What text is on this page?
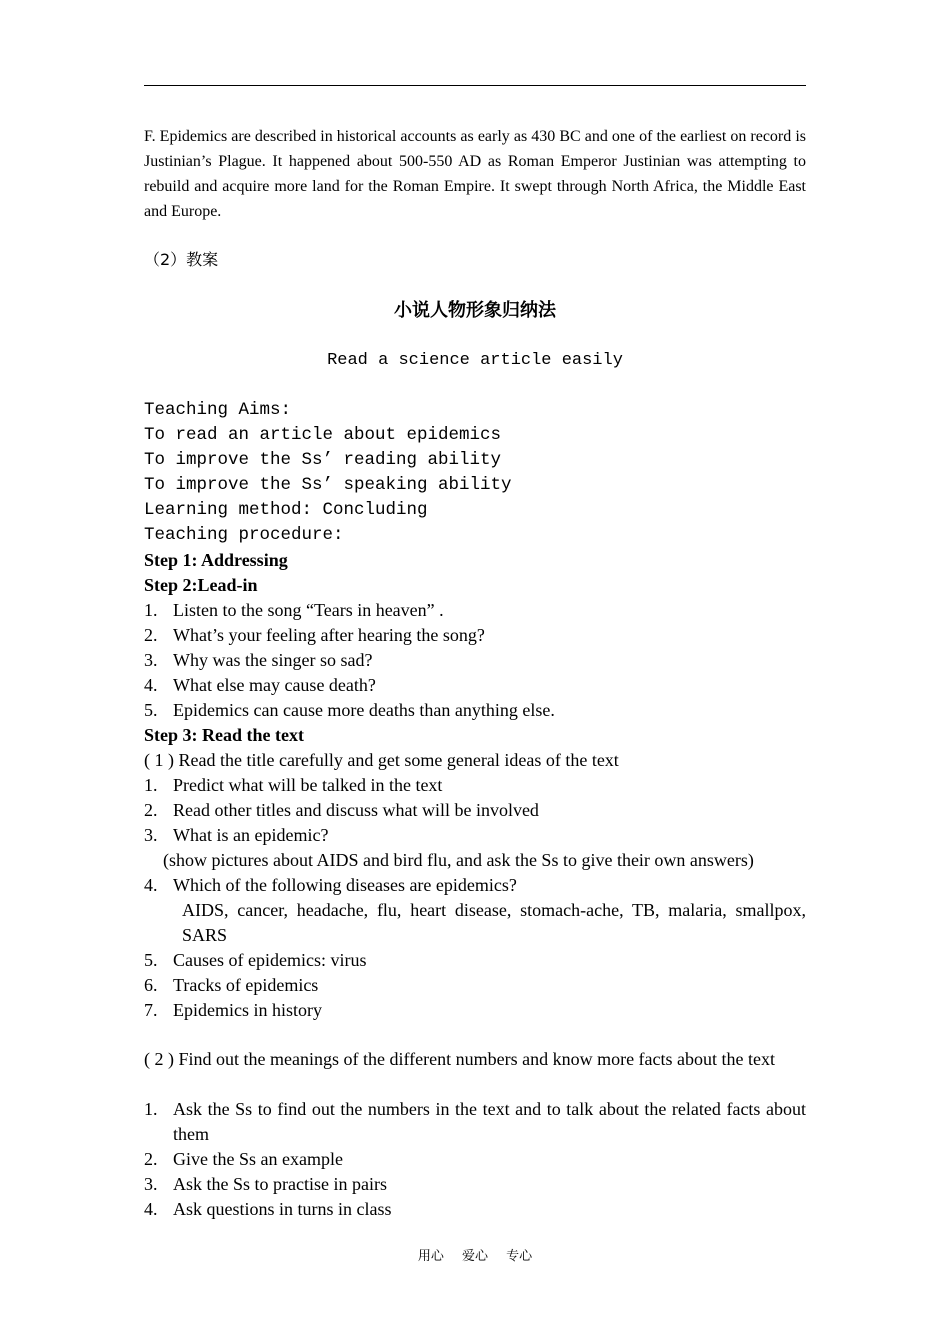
F. Epidemics are described in historical accounts as early as 430 BC and one of the earliest on record is Justinian’s Plague. It happened about 500-550 AD as Roman Emperor Justinian was attempting to rebuild and acquire more land for the Roman Empire. It swept through North Africa, the Middle East and Europe.
（2）教案
小说人物形象归纳法
Read a science article easily
Teaching Aims:
To read an article about epidemics
To improve the Ss’ reading ability
To improve the Ss’ speaking ability
Learning method: Concluding
Teaching procedure:
Step 1: Addressing
Step 2:Lead-in
1. Listen to the song “Tears in heaven” .
2. What’s your feeling after hearing the song?
3. Why was the singer so sad?
4. What else may cause death?
5. Epidemics can cause more deaths than anything else.
Step 3: Read the text
( 1 ) Read the title carefully and get some general ideas of the text
1. Predict what will be talked in the text
2. Read other titles and discuss what will be involved
3. What is an epidemic?
(show pictures about AIDS and bird flu, and ask the Ss to give their own answers)
4. Which of the following diseases are epidemics?
AIDS, cancer, headache, flu, heart disease, stomach-ache, TB, malaria, smallpox, SARS
5. Causes of epidemics: virus
6. Tracks of epidemics
7. Epidemics in history
( 2 ) Find out the meanings of the different numbers and know more facts about the text
1. Ask the Ss to find out the numbers in the text and to talk about the related facts about them
2. Give the Ss an example
3. Ask the Ss to practise in pairs
4. Ask questions in turns in class
用心 爱心 专心
